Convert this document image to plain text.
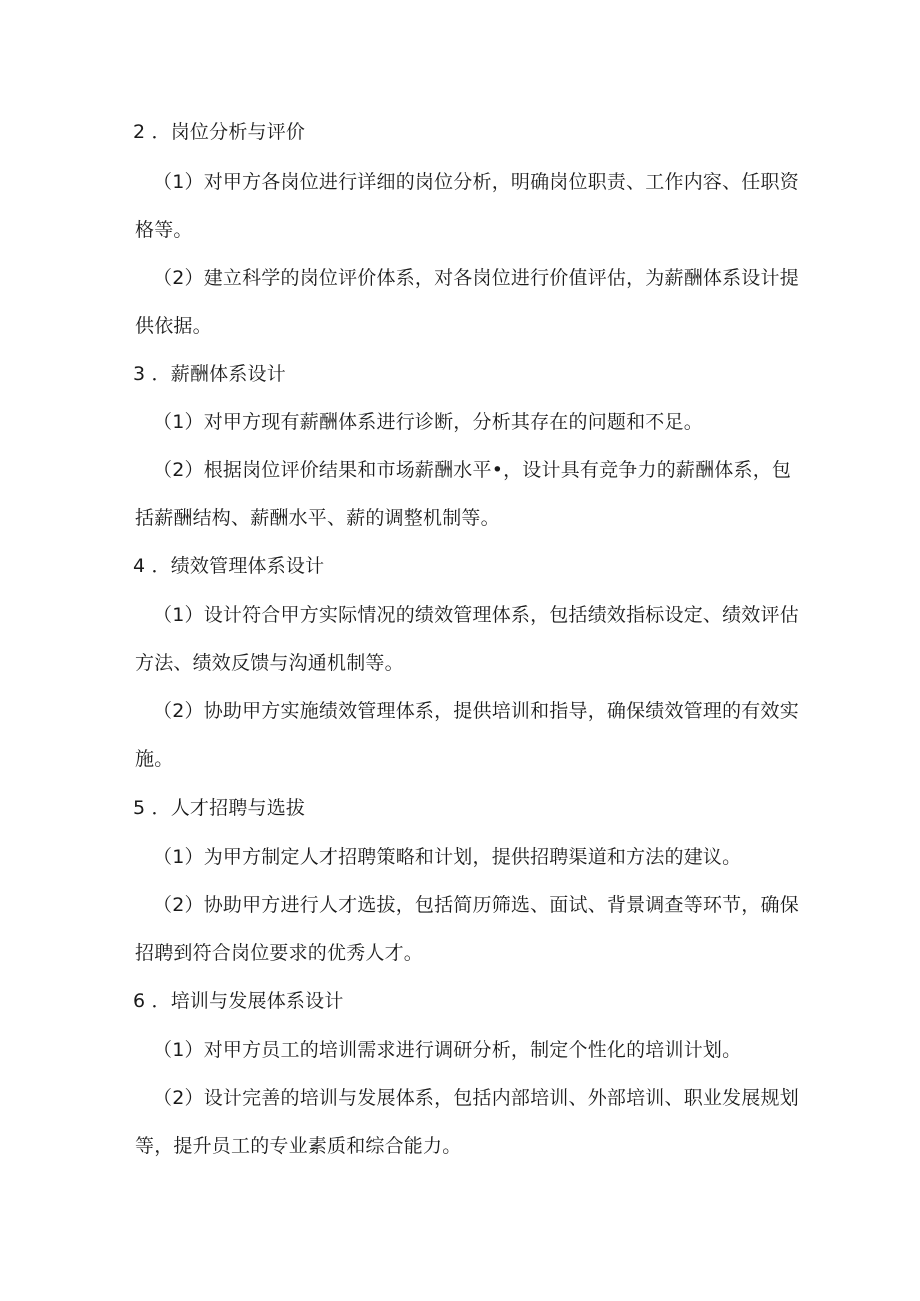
2 ．岗位分析与评价
（1）对甲方各岗位进行详细的岗位分析，明确岗位职责、工作内容、任职资
格等。
（2）建立科学的岗位评价体系，对各岗位进行价值评估，为薪酬体系设计提
供依据。
3 ．薪酬体系设计
（1）对甲方现有薪酬体系进行诊断，分析其存在的问题和不足。
（2）根据岗位评价结果和市场薪酬水平•，设计具有竞争力的薪酬体系，包
括薪酬结构、薪酬水平、薪的调整机制等。
4 ．绩效管理体系设计
（1）设计符合甲方实际情况的绩效管理体系，包括绩效指标设定、绩效评估
方法、绩效反馈与沟通机制等。
（2）协助甲方实施绩效管理体系，提供培训和指导，确保绩效管理的有效实
施。
5 ．人才招聘与选拔
（1）为甲方制定人才招聘策略和计划，提供招聘渠道和方法的建议。
（2）协助甲方进行人才选拔，包括简历筛选、面试、背景调查等环节，确保
招聘到符合岗位要求的优秀人才。
6 ．培训与发展体系设计
（1）对甲方员工的培训需求进行调研分析，制定个性化的培训计划。
（2）设计完善的培训与发展体系，包括内部培训、外部培训、职业发展规划
等，提升员工的专业素质和综合能力。
